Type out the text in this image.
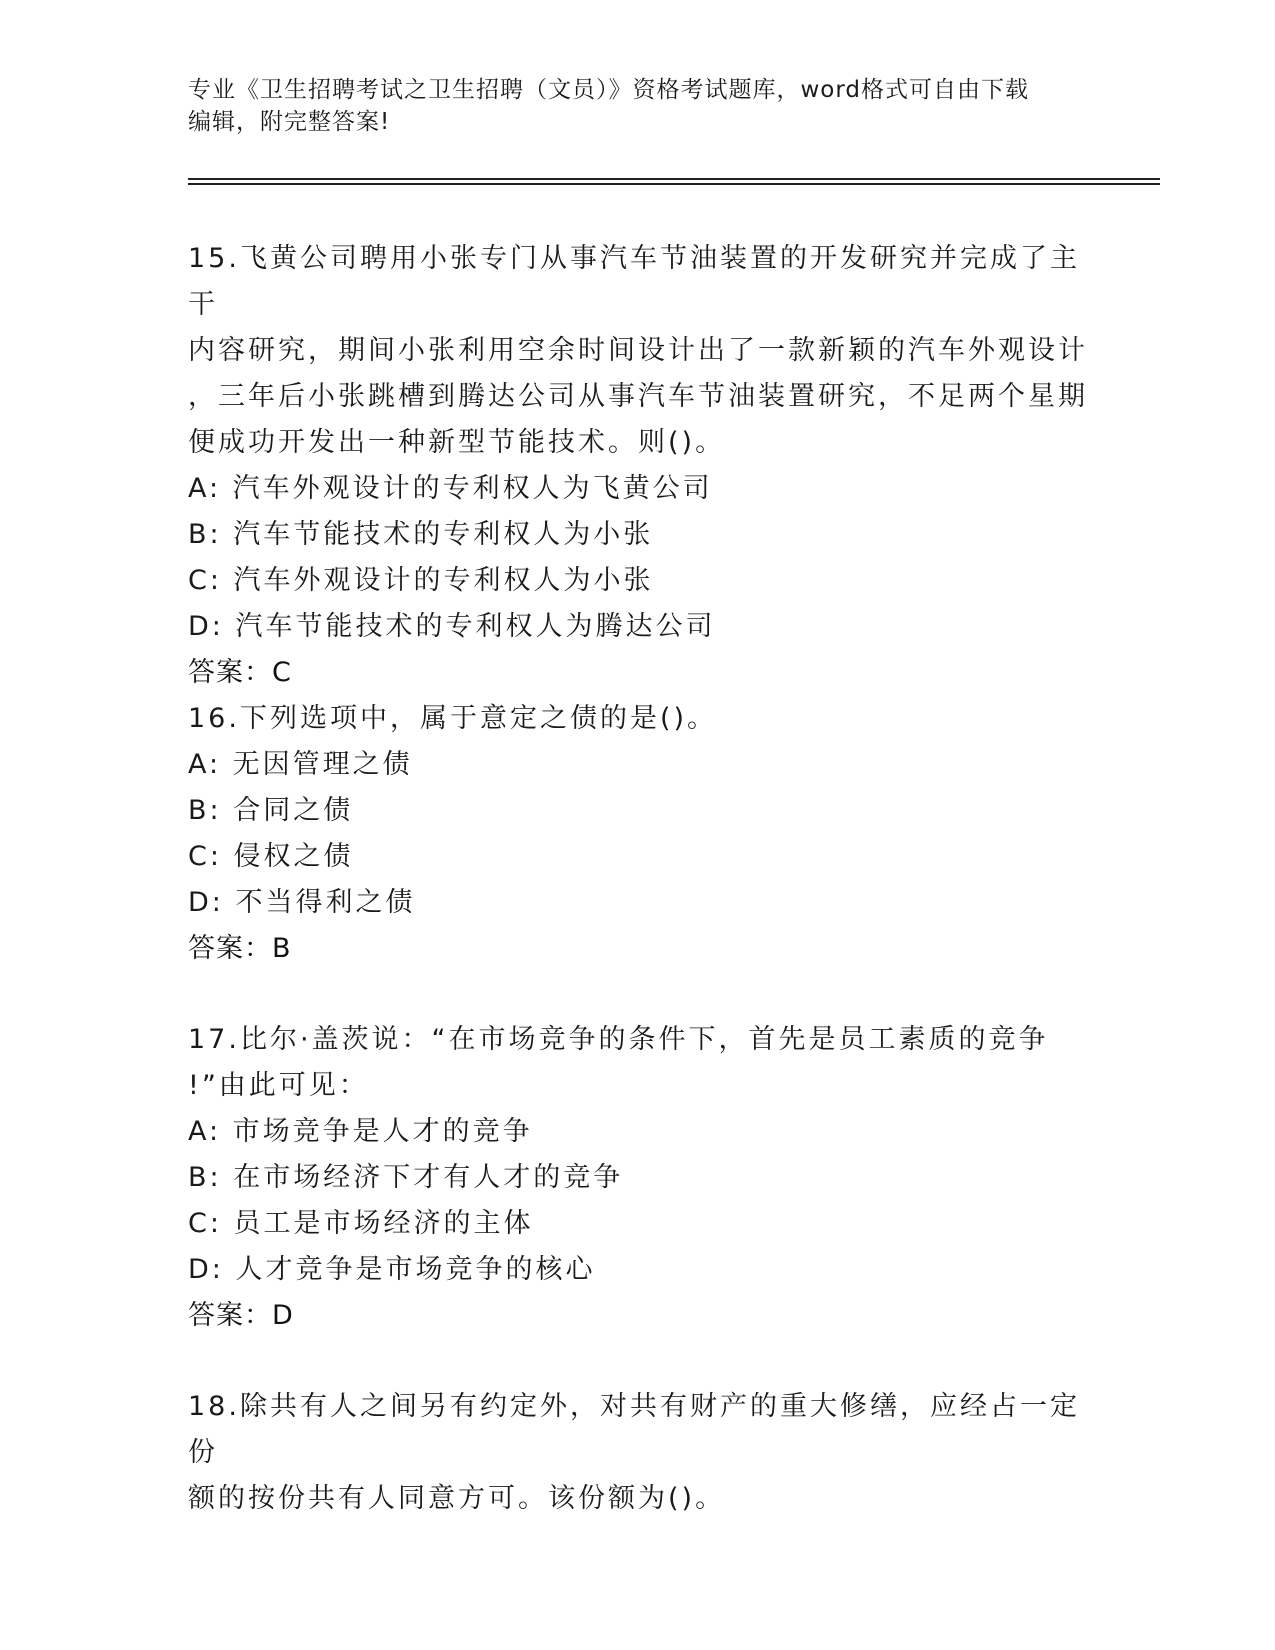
专业《卫生招聘考试之卫生招聘（文员）》资格考试题库，word格式可自由下载
编辑，附完整答案!

15.飞黄公司聘用小张专门从事汽车节油装置的开发研究并完成了主干

内容研究，期间小张利用空余时间设计出了一款新颖的汽车外观设计

，三年后小张跳槽到腾达公司从事汽车节油装置研究，不足两个星期

便成功开发出一种新型节能技术。则()。

A: 汽车外观设计的专利权人为飞黄公司

B: 汽车节能技术的专利权人为小张

C: 汽车外观设计的专利权人为小张

D: 汽车节能技术的专利权人为腾达公司

答案：C

16.下列选项中，属于意定之债的是()。

A: 无因管理之债

B: 合同之债

C: 侵权之债

D: 不当得利之债

答案：B

17.比尔·盖茨说：“在市场竞争的条件下，首先是员工素质的竞争

!”由此可见：

A: 市场竞争是人才的竞争

B: 在市场经济下才有人才的竞争

C: 员工是市场经济的主体

D: 人才竞争是市场竞争的核心

答案：D

18.除共有人之间另有约定外，对共有财产的重大修缮，应经占一定份

额的按份共有人同意方可。该份额为()。
